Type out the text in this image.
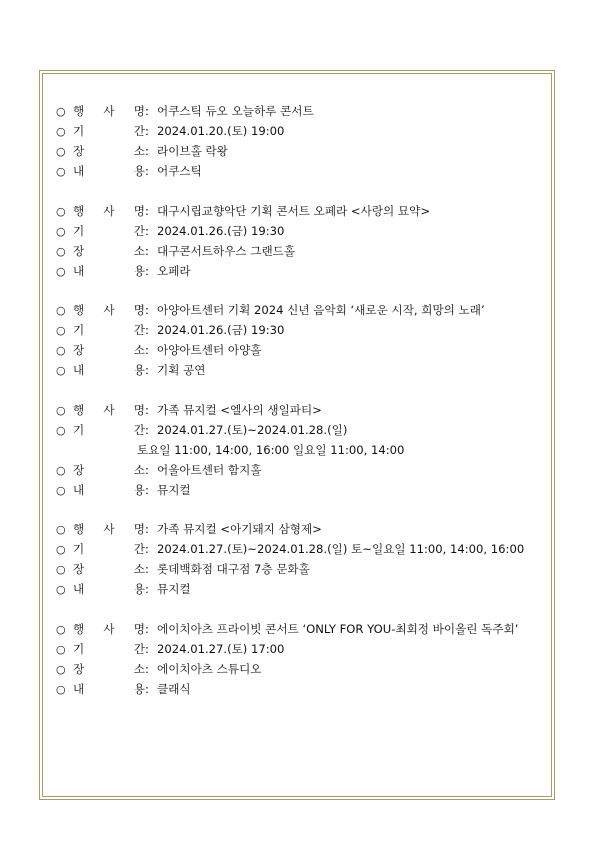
○ 행 사 명 : 어쿠스틱 듀오 오늘하루 콘서트
○ 기	간 : 2024.01.20.(토) 19:00
○ 장	소 : 라이브홀 락왕
○ 내	용 : 어쿠스틱
○ 행 사 명 : 대구시립교향악단 기획 콘서트 오페라 <사랑의 묘약>
○ 기	간 : 2024.01.26.(금) 19:30
○ 장	소 : 대구콘서트하우스 그랜드홀
○ 내	용 : 오페라
○ 행 사 명 : 아양아트센터 기획 2024 신년 음악회 ‘새로운 시작, 희망의 노래’
○ 기	간 : 2024.01.26.(금) 19:30
○ 장	소 : 아양아트센터 아양홀
○ 내	용 : 기획 공연
○ 행 사 명 : 가족 뮤지컬 <엘사의 생일파티>
○ 기	간 : 2024.01.27.(토)~2024.01.28.(일)
토요일 11:00, 14:00, 16:00 일요일 11:00, 14:00
○ 장	소 : 어울아트센터 함지홀
○ 내	용 : 뮤지컬
○ 행 사 명 : 가족 뮤지컬 <아기돼지 삼형제>
○ 기	간 : 2024.01.27.(토)~2024.01.28.(일) 토~일요일 11:00, 14:00, 16:00
○ 장	소 : 롯데백화점 대구점 7층 문화홀
○ 내	용 : 뮤지컬
○ 행 사 명 : 에이치아츠 프라이빗 콘서트 ‘ONLY FOR YOU-최회정 바이올린 독주회’
○ 기	간 : 2024.01.27.(토) 17:00
○ 장	소 : 에이치아츠 스튜디오
○ 내	용 : 클래식
